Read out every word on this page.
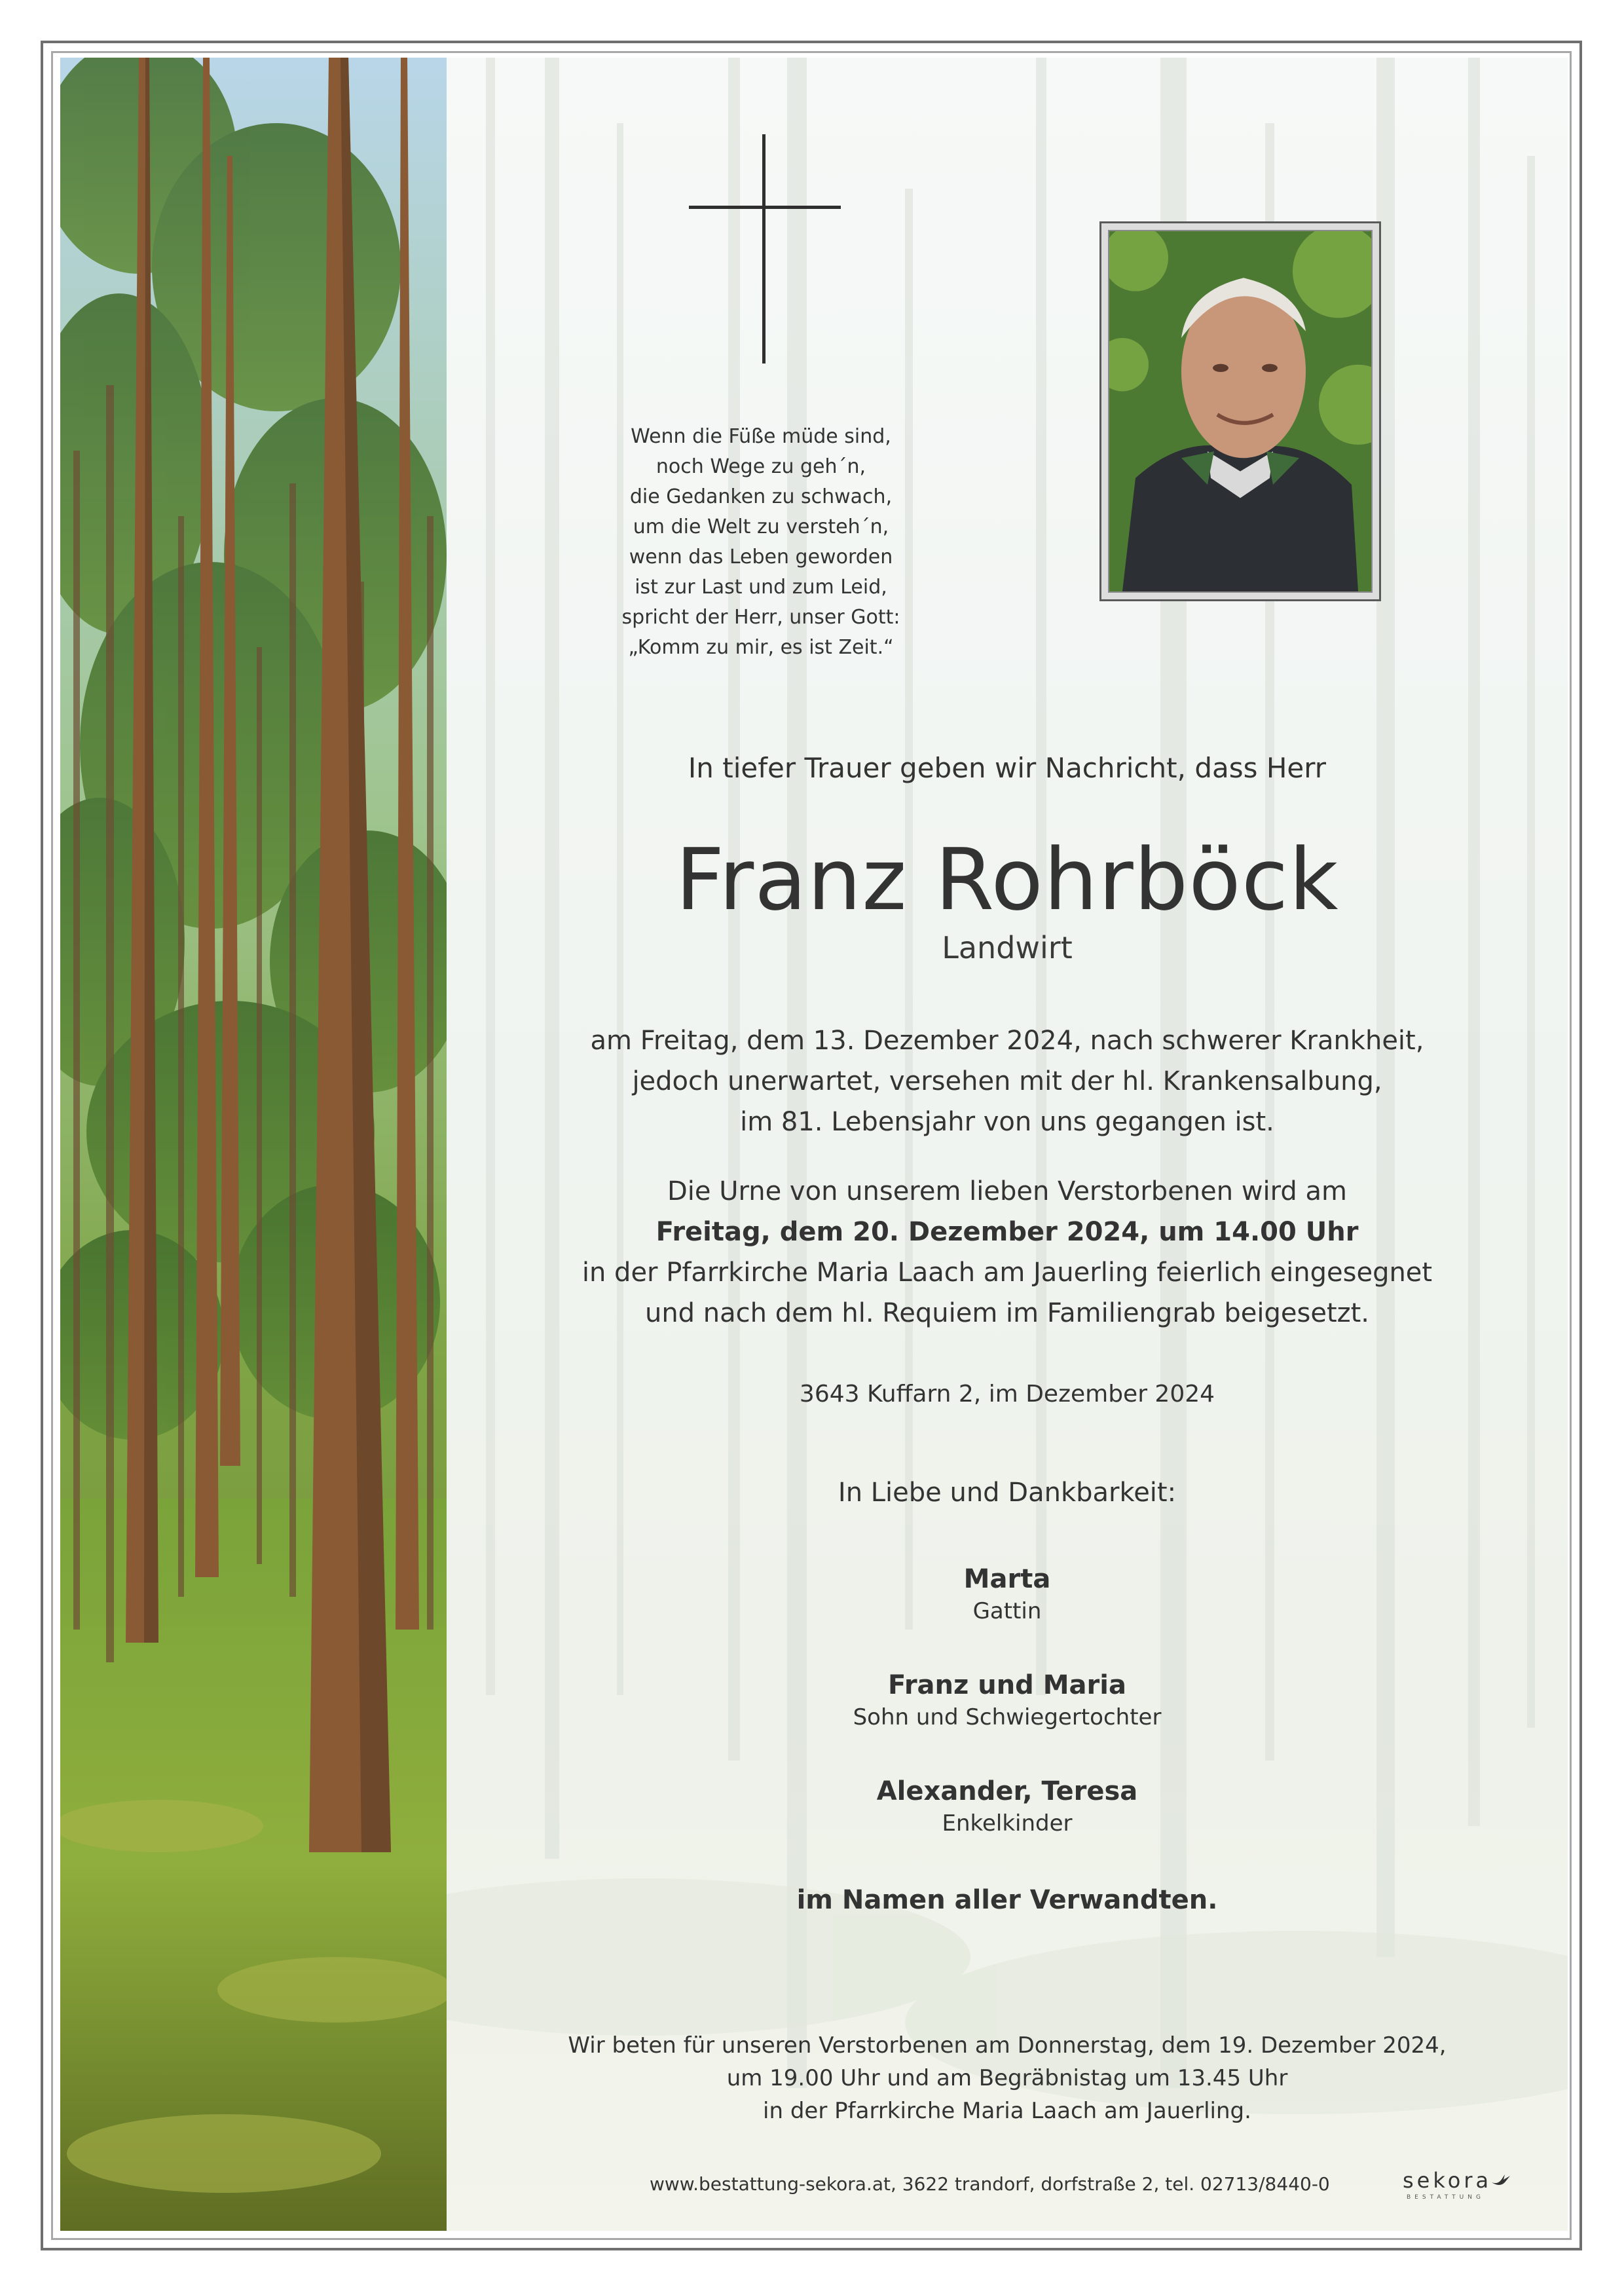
Wenn die Füße müde sind,
noch Wege zu geh´n,
die Gedanken zu schwach,
um die Welt zu versteh´n,
wenn das Leben geworden
ist zur Last und zum Leid,
spricht der Herr, unser Gott:
„Komm zu mir, es ist Zeit.“
In tiefer Trauer geben wir Nachricht, dass Herr
Franz Rohrböck
Landwirt
am Freitag, dem 13. Dezember 2024, nach schwerer Krankheit,
jedoch unerwartet, versehen mit der hl. Krankensalbung,
im 81. Lebensjahr von uns gegangen ist.
Die Urne von unserem lieben Verstorbenen wird am
Freitag, dem 20. Dezember 2024, um 14.00 Uhr
in der Pfarrkirche Maria Laach am Jauerling feierlich eingesegnet
und nach dem hl. Requiem im Familiengrab beigesetzt.
3643 Kuffarn 2, im Dezember 2024
In Liebe und Dankbarkeit:
Marta
Gattin
Franz und Maria
Sohn und Schwiegertochter
Alexander, Teresa
Enkelkinder
im Namen aller Verwandten.
Wir beten für unseren Verstorbenen am Donnerstag, dem 19. Dezember 2024,
um 19.00 Uhr und am Begräbnistag um 13.45 Uhr
in der Pfarrkirche Maria Laach am Jauerling.
www.bestattung-sekora.at, 3622 trandorf, dorfstraße 2, tel. 02713/8440-0	sekora
BESTATTUNG
